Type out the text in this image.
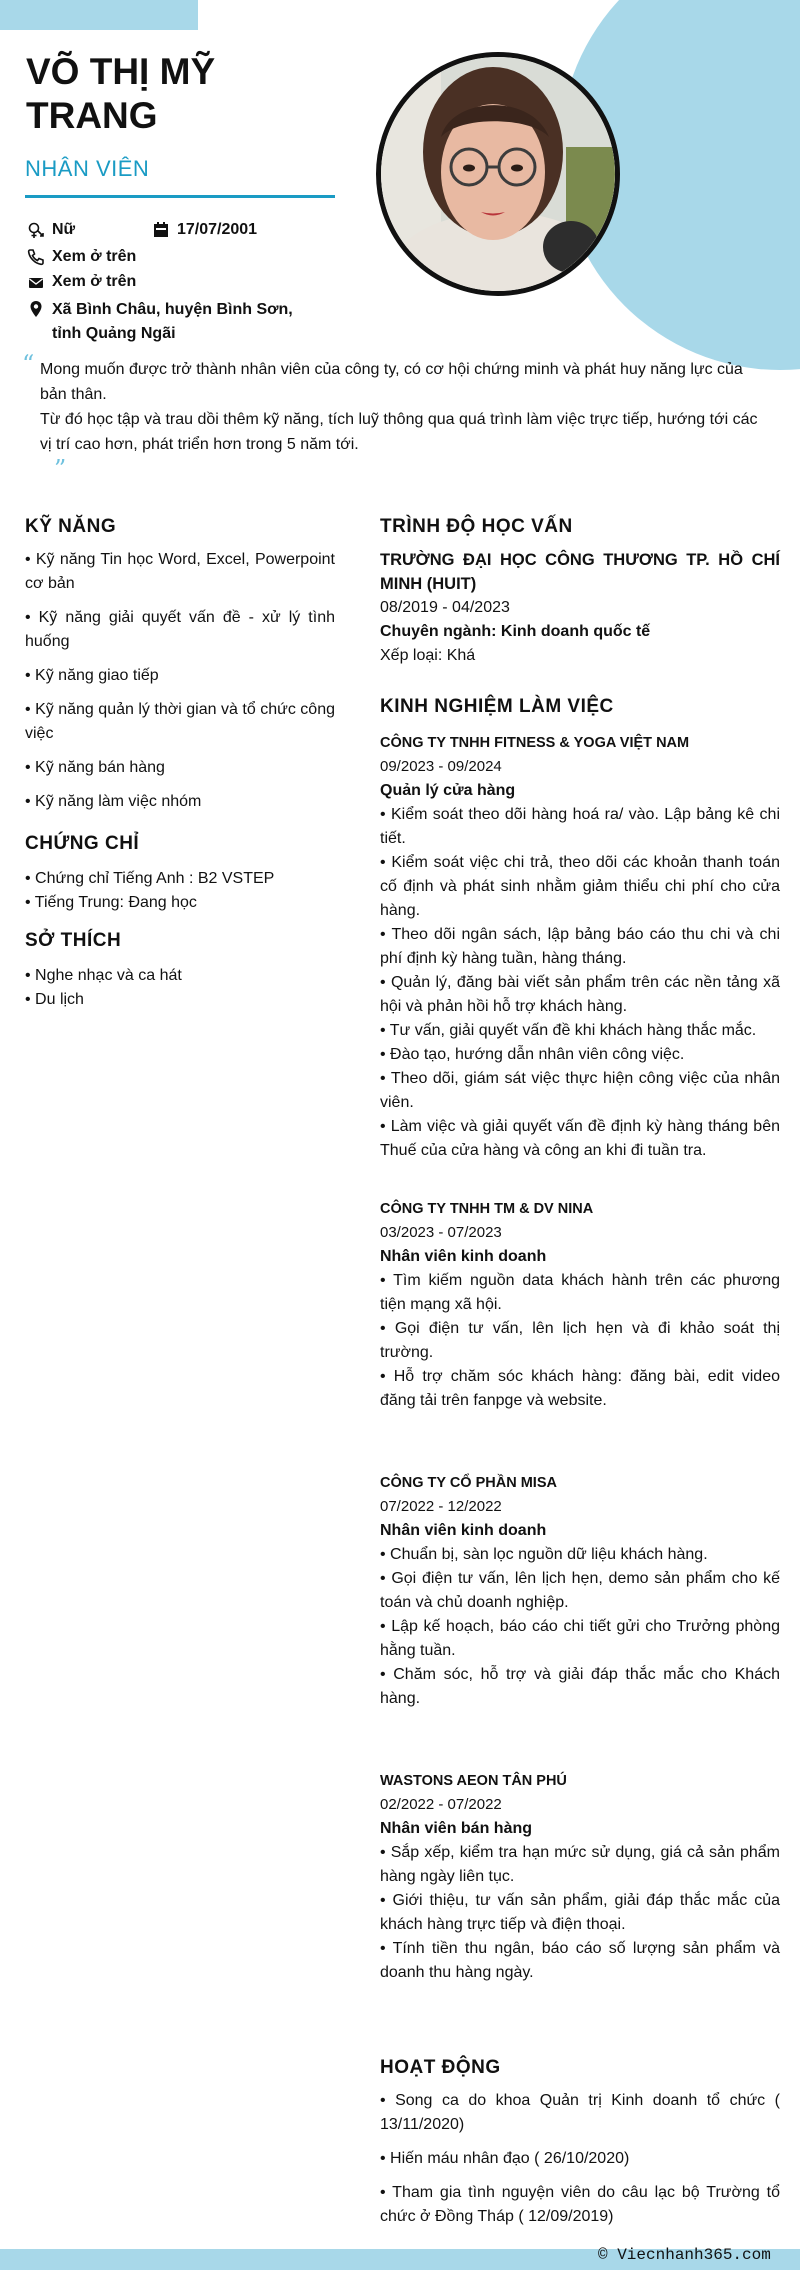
VÕ THỊ MỸ TRANG
NHÂN VIÊN
Nữ	17/07/2001
Xem ở trên
Xem ở trên
Xã Bình Châu, huyện Bình Sơn, tỉnh Quảng Ngãi
“ Mong muốn được trở thành nhân viên của công ty, có cơ hội chứng minh và phát huy năng lực của bản thân.

Từ đó học tập và trau dồi thêm kỹ năng, tích luỹ thông qua quá trình làm việc trực tiếp, hướng tới các vị trí cao hơn, phát triển hơn trong 5 năm tới.

”
KỸ NĂNG
• Kỹ năng Tin học Word, Excel, Powerpoint cơ bản
• Kỹ năng giải quyết vấn đề - xử lý tình huống
• Kỹ năng giao tiếp
• Kỹ năng quản lý thời gian và tổ chức công việc
• Kỹ năng bán hàng
• Kỹ năng làm việc nhóm
CHỨNG CHỈ
• Chứng chỉ Tiếng Anh : B2 VSTEP
• Tiếng Trung: Đang học
SỞ THÍCH
• Nghe nhạc và ca hát
• Du lịch
TRÌNH ĐỘ HỌC VẤN
TRƯỜNG ĐẠI HỌC CÔNG THƯƠNG TP. HỒ CHÍ MINH (HUIT)
08/2019 - 04/2023
Chuyên ngành: Kinh doanh quốc tế
Xếp loại: Khá
KINH NGHIỆM LÀM VIỆC
CÔNG TY TNHH FITNESS & YOGA VIỆT NAM
09/2023 - 09/2024
Quản lý cửa hàng
• Kiểm soát theo dõi hàng hoá ra/ vào. Lập bảng kê chi tiết.
• Kiểm soát việc chi trả, theo dõi các khoản thanh toán cố định và phát sinh nhằm giảm thiểu chi phí cho cửa hàng.
• Theo dõi ngân sách, lập bảng báo cáo thu chi và chi phí định kỳ hàng tuần, hàng tháng.
• Quản lý, đăng bài viết sản phẩm trên các nền tảng xã hội và phản hồi hỗ trợ khách hàng.
• Tư vấn, giải quyết vấn đề khi khách hàng thắc mắc.
• Đào tạo, hướng dẫn nhân viên công việc.
• Theo dõi, giám sát việc thực hiện công việc của nhân viên.
• Làm việc và giải quyết vấn đề định kỳ hàng tháng bên Thuế của cửa hàng và công an khi đi tuần tra.
CÔNG TY TNHH TM & DV NINA
03/2023 - 07/2023
Nhân viên kinh doanh
• Tìm kiếm nguồn data khách hành trên các phương tiện mạng xã hội.
• Gọi điện tư vấn, lên lịch hẹn và đi khảo soát thị trường.
• Hỗ trợ chăm sóc khách hàng: đăng bài, edit video đăng tải trên fanpge và website.
CÔNG TY CỔ PHẦN MISA
07/2022 - 12/2022
Nhân viên kinh doanh
• Chuẩn bị, sàn lọc nguồn dữ liệu khách hàng.
• Gọi điện tư vấn, lên lịch hẹn, demo sản phẩm cho kế toán và chủ doanh nghiệp.
• Lập kế hoạch, báo cáo chi tiết gửi cho Trưởng phòng hằng tuần.
• Chăm sóc, hỗ trợ và giải đáp thắc mắc cho Khách hàng.
WASTONS AEON TÂN PHÚ
02/2022 - 07/2022
Nhân viên bán hàng
• Sắp xếp, kiểm tra hạn mức sử dụng, giá cả sản phẩm hàng ngày liên tục.
• Giới thiệu, tư vấn sản phẩm, giải đáp thắc mắc của khách hàng trực tiếp và điện thoại.
• Tính tiền thu ngân, báo cáo số lượng sản phẩm và doanh thu hàng ngày.
HOẠT ĐỘNG
• Song ca do khoa Quản trị Kinh doanh tổ chức ( 13/11/2020)
• Hiến máu nhân đạo ( 26/10/2020)
• Tham gia tình nguyện viên do câu lạc bộ Trường tổ chức ở Đồng Tháp ( 12/09/2019)
© Viecnhanh365.com
